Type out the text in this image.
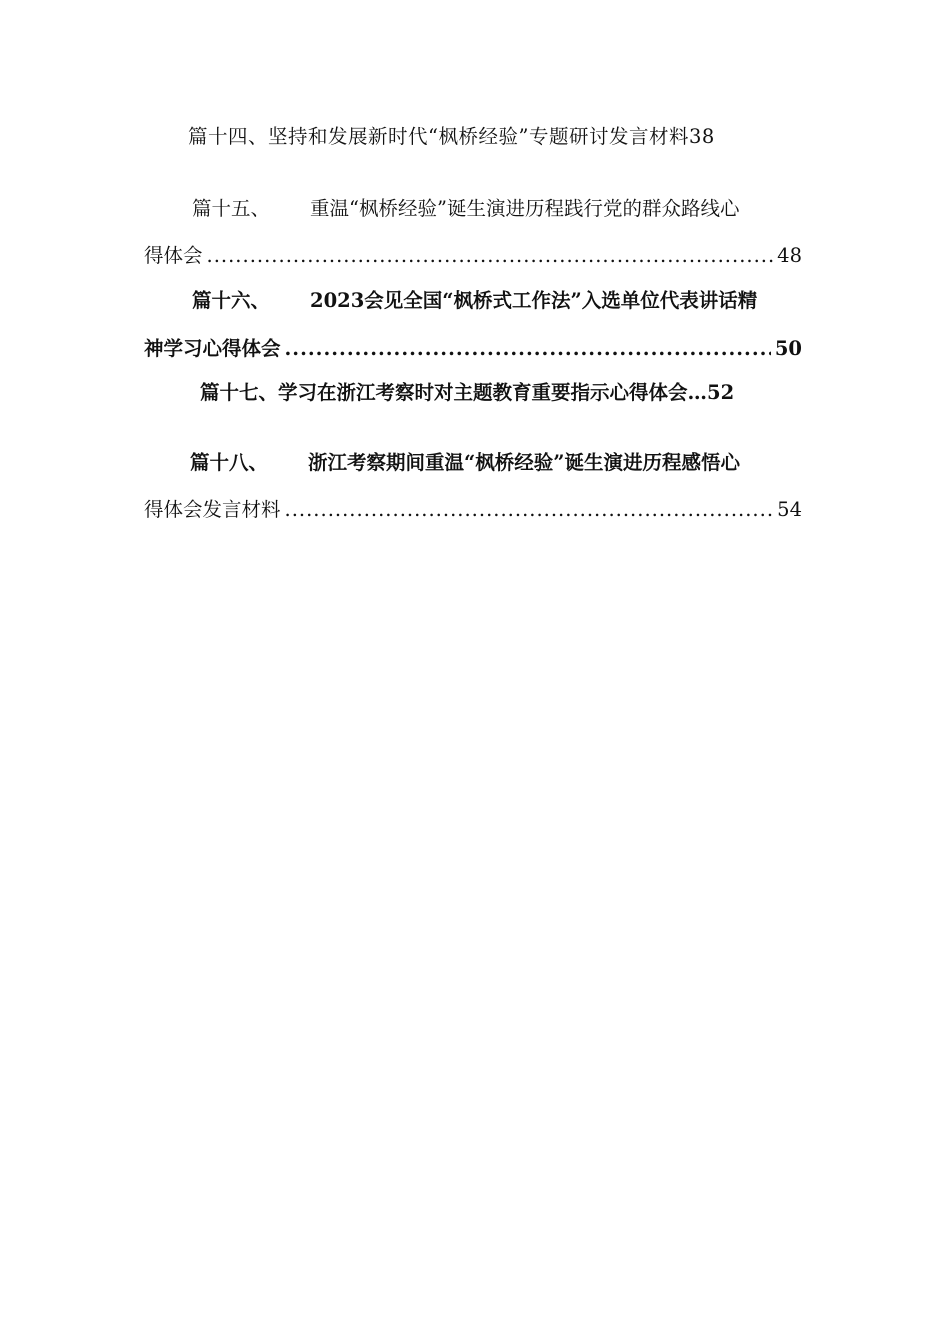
篇十四、坚持和发展新时代“枫桥经验”专题研讨发言材料38
篇十五、 重温“枫桥经验”诞生演进历程践行党的群众路线心
得体会 .....	48
篇十六、 2023会见全国“枫桥式工作法”入选单位代表讲话精
神学习心得体会 .....	50
篇十七、学习在浙江考察时对主题教育重要指示心得体会…52
篇十八、 浙江考察期间重温“枫桥经验”诞生演进历程感悟心
得体会发言材料 .....	54
